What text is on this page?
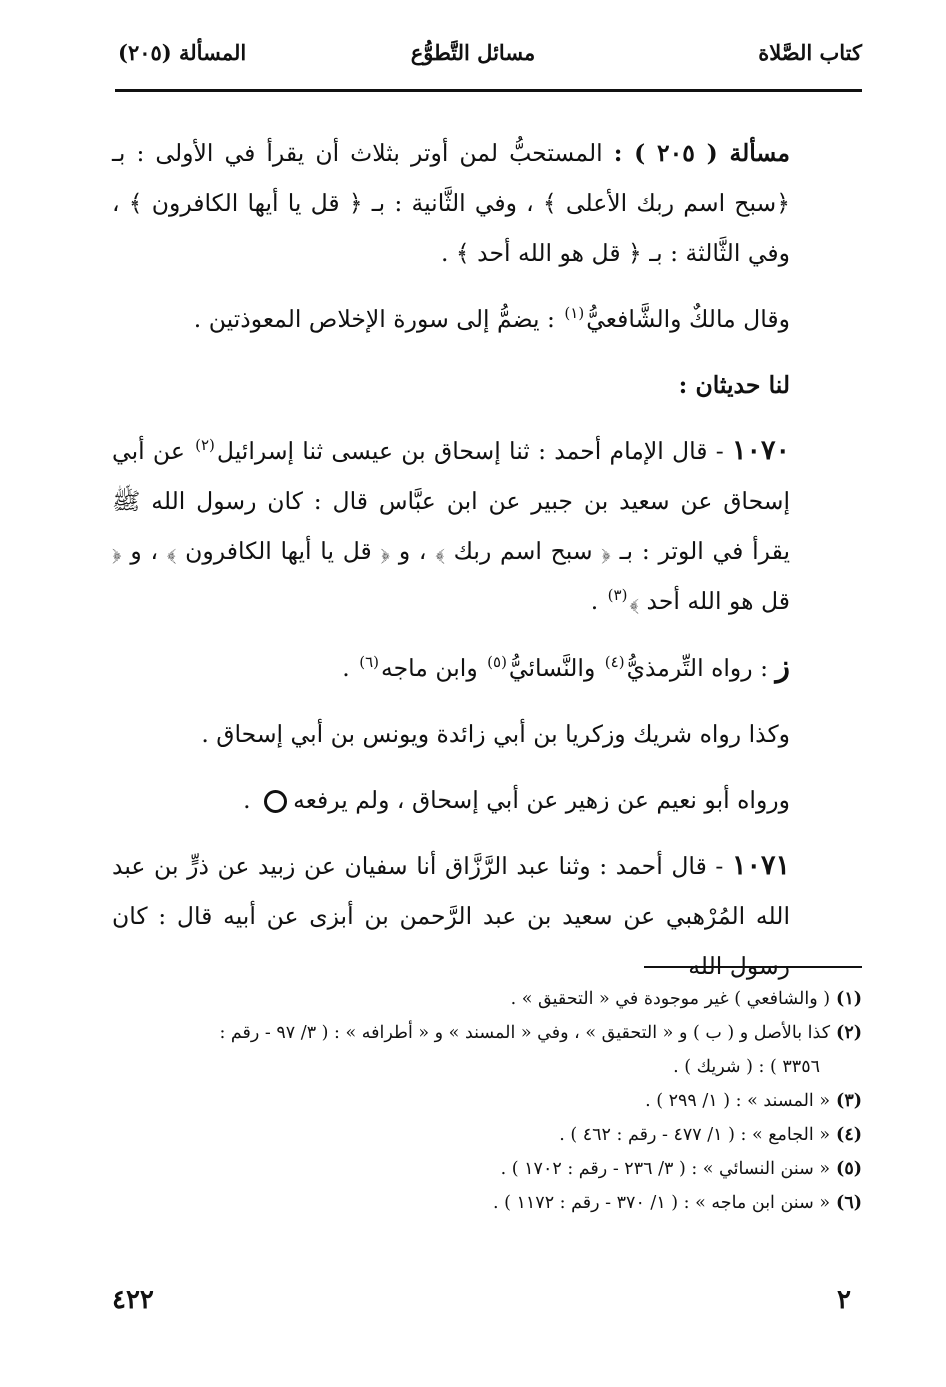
كتاب الصَّلاة
مسائل التَّطوُّع
المسألة (٢٠٥)

مسألة ( ٢٠٥ ) : المستحبُّ لمن أوتر بثلاث أن يقرأ في الأولى : بـ ﴿سبح اسم ربك الأعلى ﴾ ، وفي الثَّانية : بـ ﴿ قل يا أيها الكافرون ﴾ ، وفي الثَّالثة : بـ ﴿ قل هو الله أحد ﴾ .

وقال مالكٌ والشَّافعيُّ$^{(١)}$ : يضمُّ إلى سورة الإخلاص المعوذتين .

لنا حديثان :

١٠٧٠ - قال الإمام أحمد : ثنا إسحاق بن عيسى ثنا إسرائيل$^{(٢)}$ عن أبي إسحاق عن سعيد بن جبير عن ابن عبَّاس قال : كان رسول الله ﷺ يقرأ في الوتر : بـ ﴿ سبح اسم ربك ﴾ ، و ﴿ قل يا أيها الكافرون ﴾ ، و ﴿ قل هو الله أحد ﴾$^{(٣)}$ .

ز : رواه التِّرمذيُّ$^{(٤)}$ والنَّسائيُّ$^{(٥)}$ وابن ماجه$^{(٦)}$ .

وكذا رواه شريك وزكريا بن أبي زائدة ويونس بن أبي إسحاق .

ورواه أبو نعيم عن زهير عن أبي إسحاق ، ولم يرفعه .

١٠٧١ - قال أحمد : وثنا عبد الرَّزَّاق أنا سفيان عن زبيد عن ذرٍّ بن عبد الله المُرْهبي عن سعيد بن عبد الرَّحمن بن أبزى عن أبيه قال : كان رسول الله

(١)( والشافعي ) غير موجودة في « التحقيق » .

(٢)كذا بالأصل و ( ب ) و « التحقيق » ، وفي « المسند » و « أطرافه » : ( ٣/ ٩٧ - رقم :
٣٣٥٦ ) : ( شريك ) .

(٣)« المسند » : ( ١/ ٢٩٩ ) .

(٤)« الجامع » : ( ١/ ٤٧٧ - رقم : ٤٦٢ ) .

(٥)« سنن النسائي » : ( ٣/ ٢٣٦ - رقم : ١٧٠٢ ) .

(٦)« سنن ابن ماجه » : ( ١/ ٣٧٠ - رقم : ١١٧٢ ) .

٢
٤٢٢
